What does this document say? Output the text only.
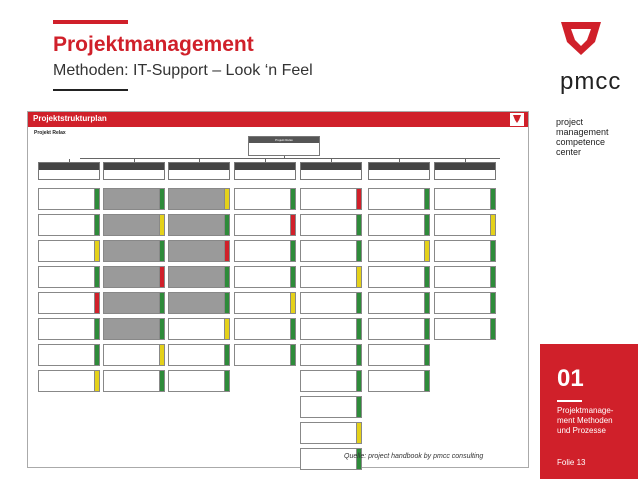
Projektmanagement
Methoden: IT-Support – Look ‘n Feel	pmcc
project management competence center
01
Projektmanage-ment Methoden und Prozesse
Folie 13
Projektstrukturplan
Projekt Relax
Projekt Relax
Quelle: project handbook by pmcc consulting
